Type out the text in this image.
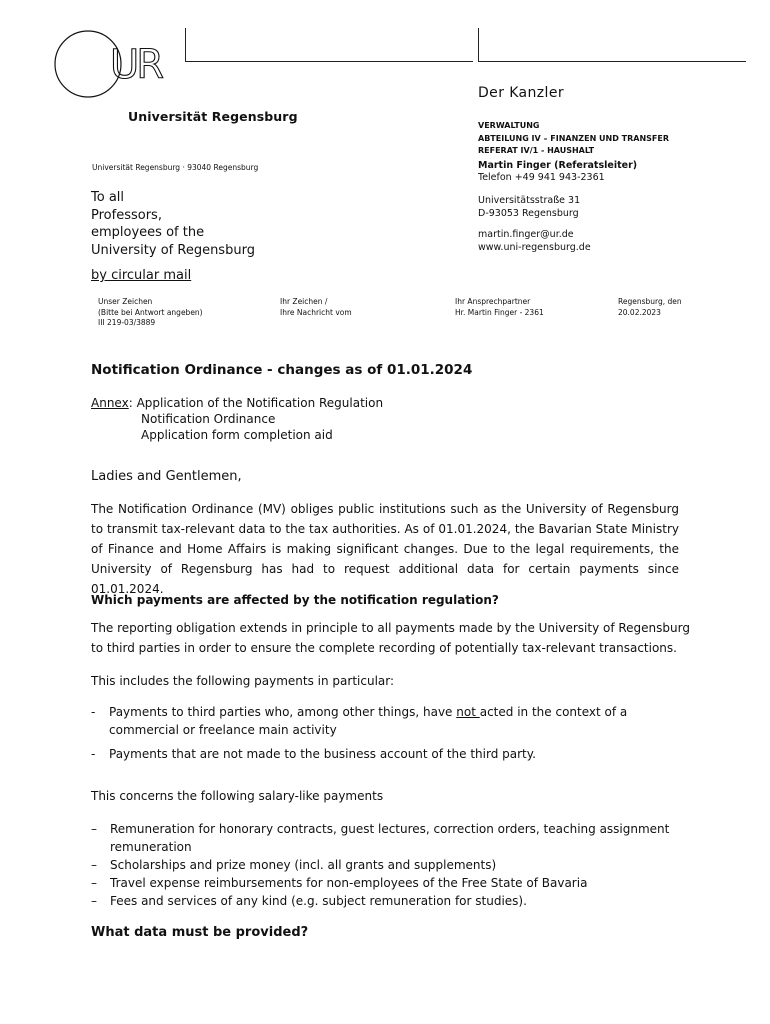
UR
Universität Regensburg
Der Kanzler
VERWALTUNG
ABTEILUNG IV – FINANZEN UND TRANSFER
REFERAT IV/1 - HAUSHALT
Martin Finger (Referatsleiter)
Telefon +49 941 943-2361
Universitätsstraße 31
D-93053 Regensburg
martin.finger@ur.de
www.uni-regensburg.de
Universität Regensburg · 93040 Regensburg
To all
Professors,
employees of the
University of Regensburg
by circular mail
Unser Zeichen
(Bitte bei Antwort angeben)
III 219-03/3889
Ihr Zeichen /
Ihre Nachricht vom
Ihr Ansprechpartner
Hr. Martin Finger - 2361
Regensburg, den
20.02.2023
Notification Ordinance - changes as of 01.01.2024
Annex: Application of the Notification Regulation
Notification Ordinance
Application form completion aid
Ladies and Gentlemen,
The Notification Ordinance (MV) obliges public institutions such as the University of Regensburg to transmit tax-relevant data to the tax authorities. As of 01.01.2024, the Bavarian State Ministry of Finance and Home Affairs is making significant changes. Due to the legal requirements, the University of Regensburg has had to request additional data for certain payments since 01.01.2024.
Which payments are affected by the notification regulation?
The reporting obligation extends in principle to all payments made by the University of Regensburg to third parties in order to ensure the complete recording of potentially tax-relevant transactions.
This includes the following payments in particular:
- Payments to third parties who, among other things, have not acted in the context of a commercial or freelance main activity
- Payments that are not made to the business account of the third party.
This concerns the following salary-like payments
– Remuneration for honorary contracts, guest lectures, correction orders, teaching assignment remuneration
– Scholarships and prize money (incl. all grants and supplements)
– Travel expense reimbursements for non-employees of the Free State of Bavaria
– Fees and services of any kind (e.g. subject remuneration for studies).
What data must be provided?
